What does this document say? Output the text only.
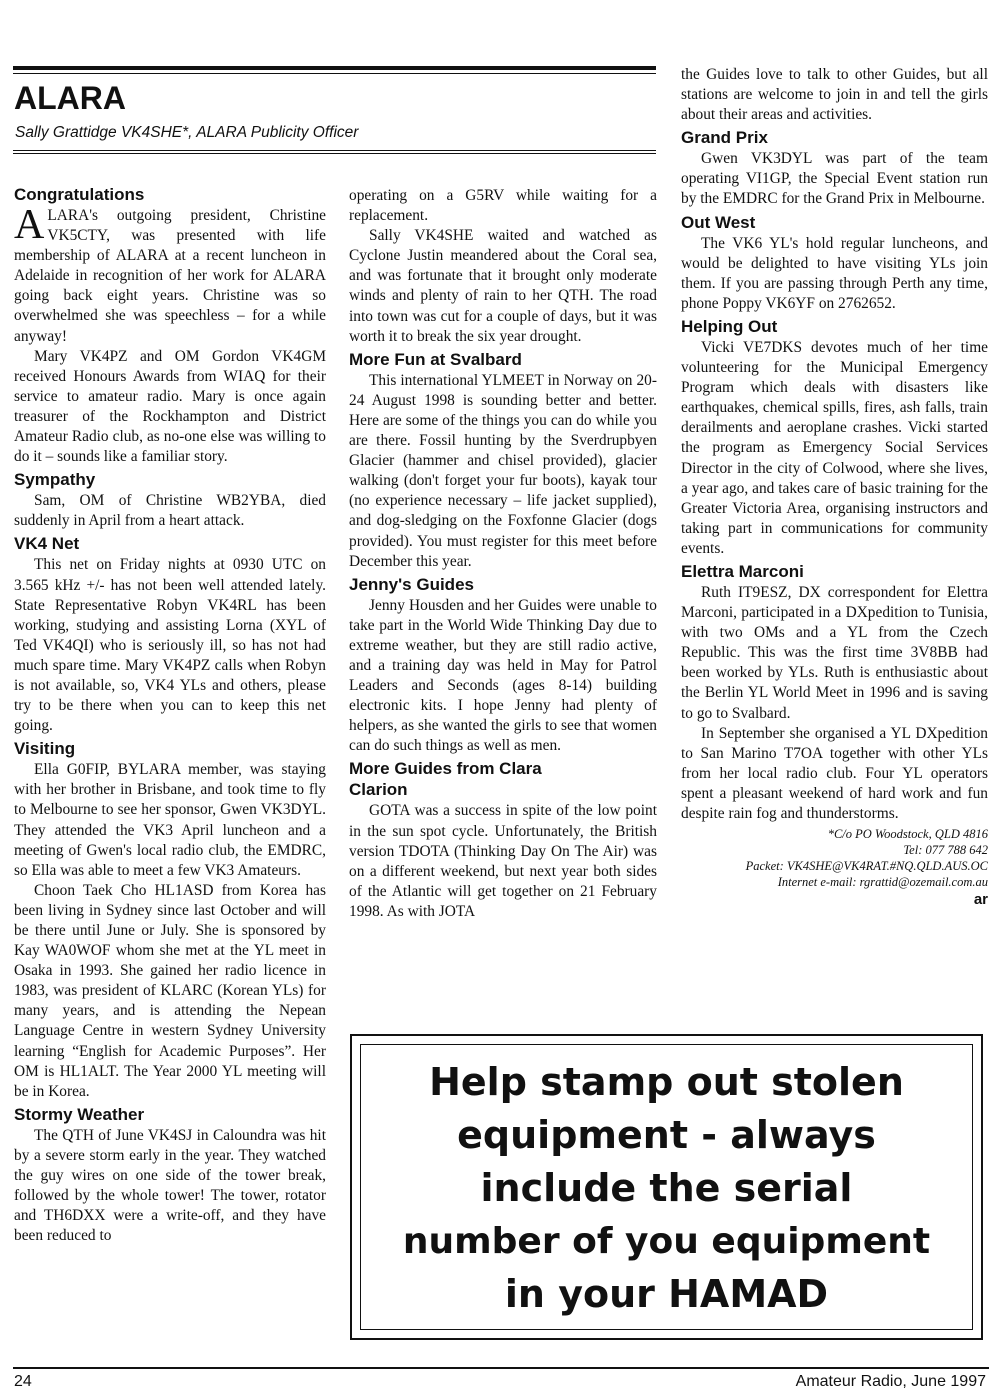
ALARA
Sally Grattidge VK4SHE*, ALARA Publicity Officer
Congratulations

ALARA's outgoing president, Christine VK5CTY, was presented with life membership of ALARA at a recent luncheon in Adelaide in recognition of her work for ALARA going back eight years. Christine was so overwhelmed she was speechless – for a while anyway!

Mary VK4PZ and OM Gordon VK4GM received Honours Awards from WIAQ for their service to amateur radio. Mary is once again treasurer of the Rockhampton and District Amateur Radio club, as no-one else was willing to do it – sounds like a familiar story.

Sympathy

Sam, OM of Christine WB2YBA, died suddenly in April from a heart attack.

VK4 Net

This net on Friday nights at 0930 UTC on 3.565 kHz +/- has not been well attended lately. State Representative Robyn VK4RL has been working, studying and assisting Lorna (XYL of Ted VK4QI) who is seriously ill, so has not had much spare time. Mary VK4PZ calls when Robyn is not available, so, VK4 YLs and others, please try to be there when you can to keep this net going.

Visiting

Ella G0FIP, BYLARA member, was staying with her brother in Brisbane, and took time to fly to Melbourne to see her sponsor, Gwen VK3DYL. They attended the VK3 April luncheon and a meeting of Gwen's local radio club, the EMDRC, so Ella was able to meet a few VK3 Amateurs.

Choon Taek Cho HL1ASD from Korea has been living in Sydney since last October and will be there until June or July. She is sponsored by Kay WA0WOF whom she met at the YL meet in Osaka in 1993. She gained her radio licence in 1983, was president of KLARC (Korean YLs) for many years, and is attending the Nepean Language Centre in western Sydney University learning “English for Academic Purposes”. Her OM is HL1ALT. The Year 2000 YL meeting will be in Korea.

Stormy Weather

The QTH of June VK4SJ in Caloundra was hit by a severe storm early in the year. They watched the guy wires on one side of the tower break, followed by the whole tower! The tower, rotator and TH6DXX were a write-off, and they have been reduced to

operating on a G5RV while waiting for a replacement.

Sally VK4SHE waited and watched as Cyclone Justin meandered about the Coral sea, and was fortunate that it brought only moderate winds and plenty of rain to her QTH. The road into town was cut for a couple of days, but it was worth it to break the six year drought.

More Fun at Svalbard

This international YLMEET in Norway on 20-24 August 1998 is sounding better and better. Here are some of the things you can do while you are there. Fossil hunting by the Sverdrupbyen Glacier (hammer and chisel provided), glacier walking (don't forget your fur boots), kayak tour (no experience necessary – life jacket supplied), and dog-sledging on the Foxfonne Glacier (dogs provided). You must register for this meet before December this year.

Jenny's Guides

Jenny Housden and her Guides were unable to take part in the World Wide Thinking Day due to extreme weather, but they are still radio active, and a training day was held in May for Patrol Leaders and Seconds (ages 8-14) building electronic kits. I hope Jenny had plenty of helpers, as she wanted the girls to see that women can do such things as well as men.

More Guides from Clara Clarion

GOTA was a success in spite of the low point in the sun spot cycle. Unfortunately, the British version TDOTA (Thinking Day On The Air) was on a different weekend, but next year both sides of the Atlantic will get together on 21 February 1998. As with JOTA

the Guides love to talk to other Guides, but all stations are welcome to join in and tell the girls about their areas and activities.

Grand Prix

Gwen VK3DYL was part of the team operating VI1GP, the Special Event station run by the EMDRC for the Grand Prix in Melbourne.

Out West

The VK6 YL's hold regular luncheons, and would be delighted to have visiting YLs join them. If you are passing through Perth any time, phone Poppy VK6YF on 2762652.

Helping Out

Vicki VE7DKS devotes much of her time volunteering for the Municipal Emergency Program which deals with disasters like earthquakes, chemical spills, fires, ash falls, train derailments and aeroplane crashes. Vicki started the program as Emergency Social Services Director in the city of Colwood, where she lives, a year ago, and takes care of basic training for the Greater Victoria Area, organising instructors and taking part in communications for community events.

Elettra Marconi

Ruth IT9ESZ, DX correspondent for Elettra Marconi, participated in a DXpedition to Tunisia, with two OMs and a YL from the Czech Republic. This was the first time 3V8BB had been worked by YLs. Ruth is enthusiastic about the Berlin YL World Meet in 1996 and is saving to go to Svalbard.

In September she organised a YL DXpedition to San Marino T7OA together with other YLs from her local radio club. Four YL operators spent a pleasant weekend of hard work and fun despite rain fog and thunderstorms.

*C/o PO Woodstock, QLD 4816
Tel: 077 788 642
Packet: VK4SHE@VK4RAT.#NQ.QLD.AUS.OC
Internet e-mail: rgrattid@ozemail.com.au
ar
Help stamp out stolen
equipment - always
include the serial
number of you equipment
in your HAMAD
24	Amateur Radio, June 1997
